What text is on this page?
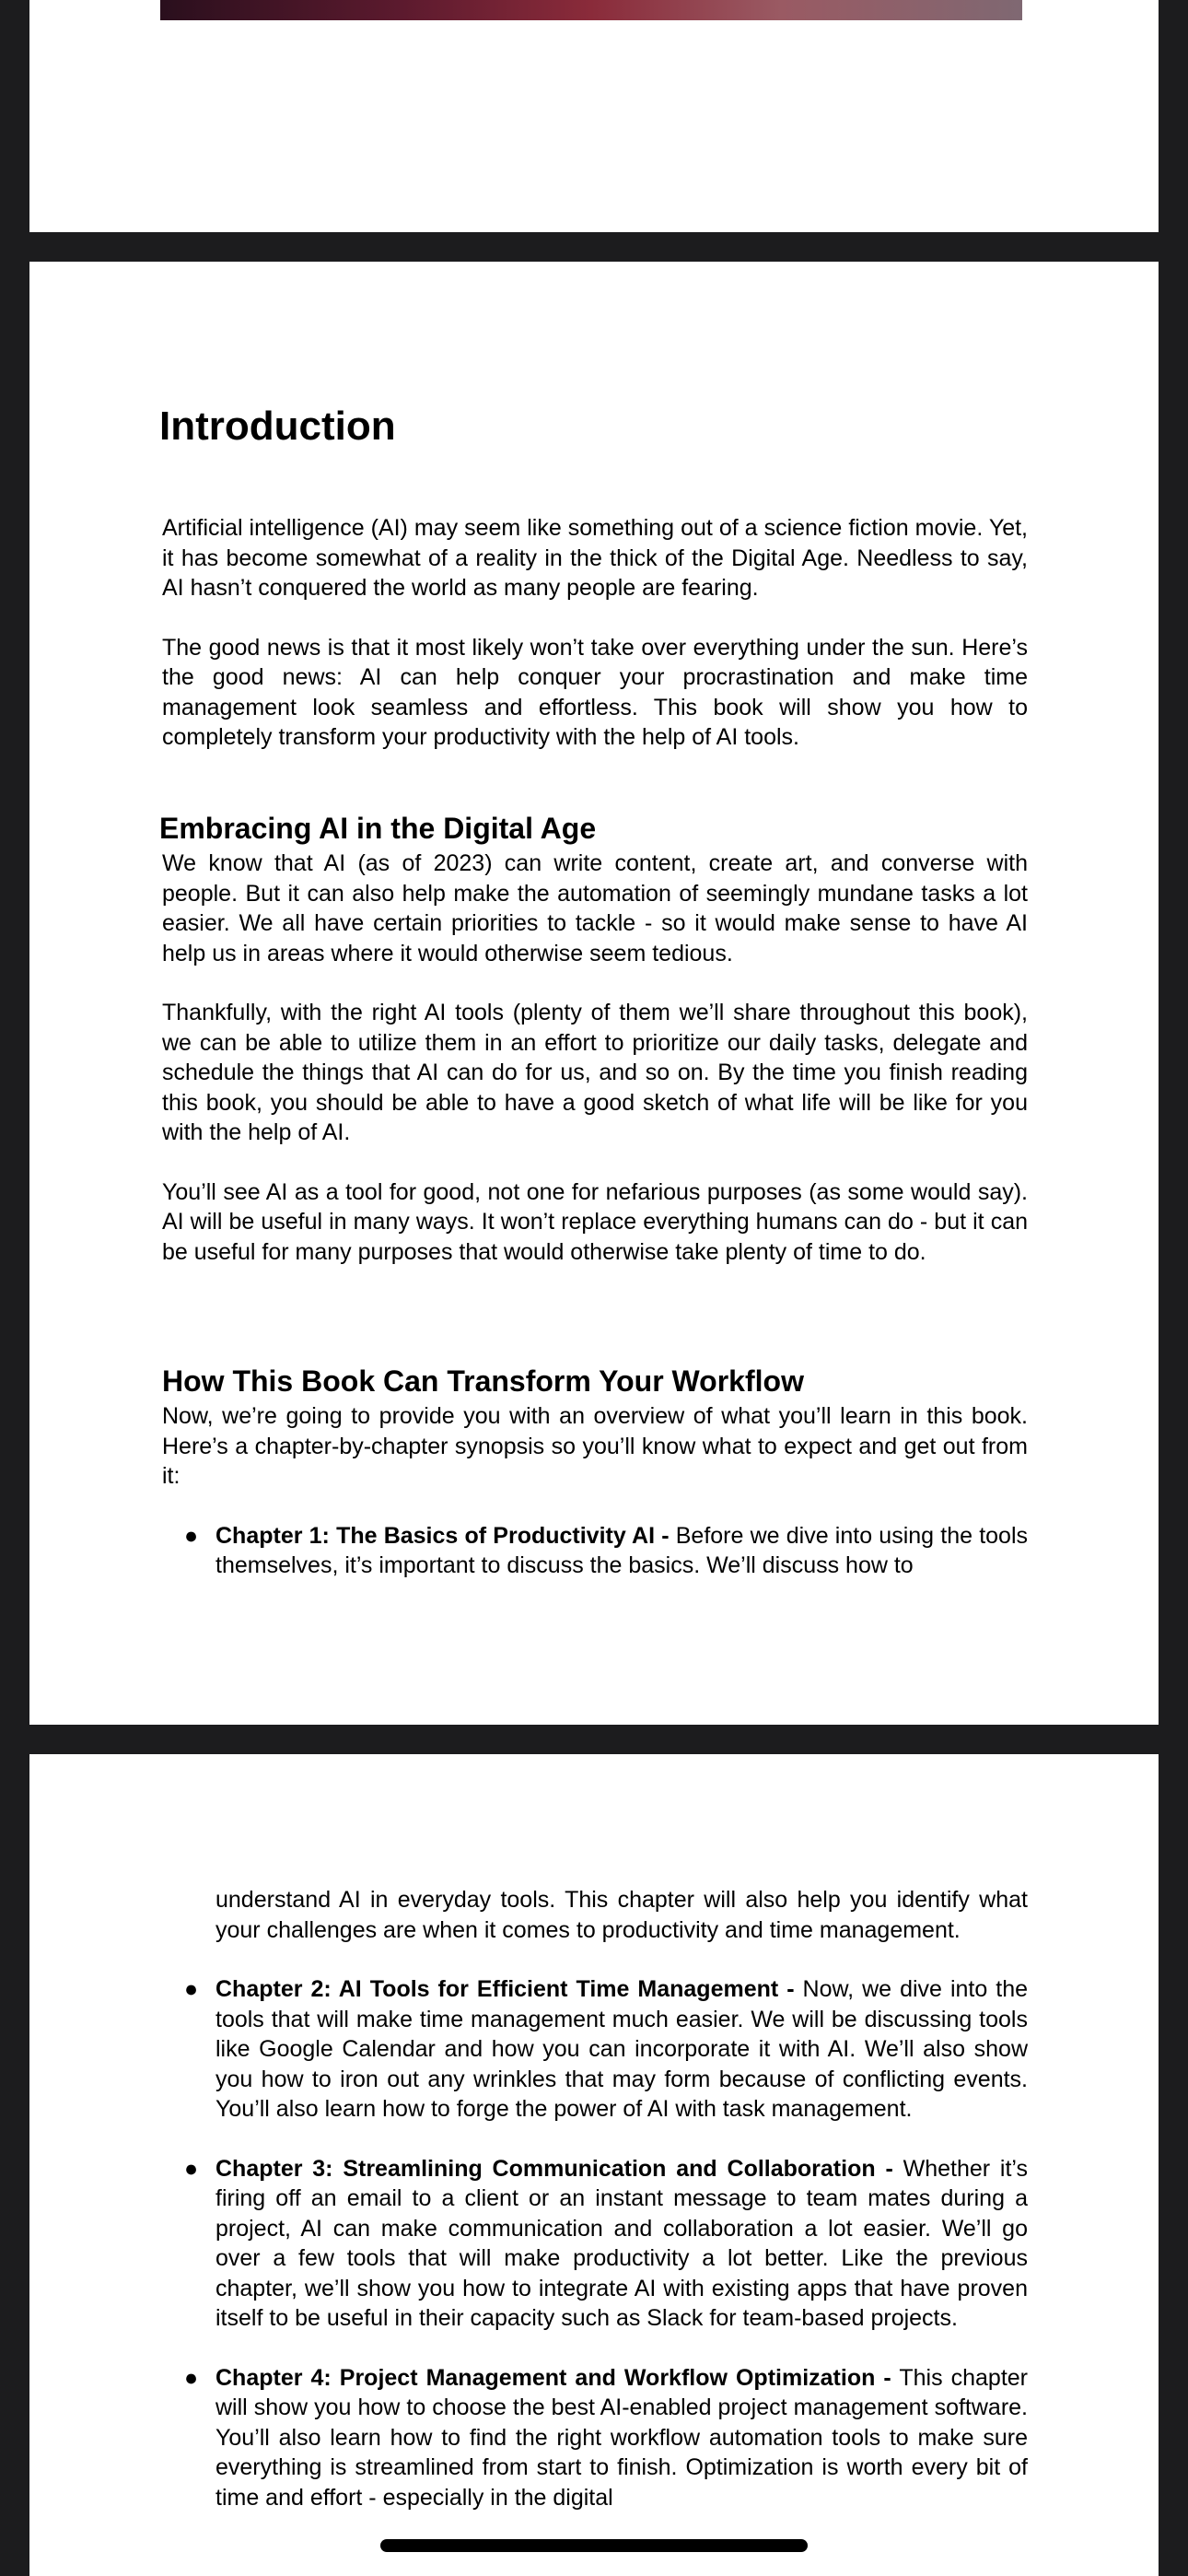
Introduction

Artificial intelligence (AI) may seem like something out of a science fiction movie. Yet, it has become somewhat of a reality in the thick of the Digital Age. Needless to say, AI hasn’t conquered the world as many people are fearing.

The good news is that it most likely won’t take over everything under the sun. Here’s the good news: AI can help conquer your procrastination and make time management look seamless and effortless. This book will show you how to completely transform your productivity with the help of AI tools.

Embracing AI in the Digital Age

We know that AI (as of 2023) can write content, create art, and converse with people. But it can also help make the automation of seemingly mundane tasks a lot easier. We all have certain priorities to tackle - so it would make sense to have AI help us in areas where it would otherwise seem tedious.

Thankfully, with the right AI tools (plenty of them we’ll share throughout this book), we can be able to utilize them in an effort to prioritize our daily tasks, delegate and schedule the things that AI can do for us, and so on. By the time you finish reading this book, you should be able to have a good sketch of what life will be like for you with the help of AI.

You’ll see AI as a tool for good, not one for nefarious purposes (as some would say). AI will be useful in many ways. It won’t replace everything humans can do - but it can be useful for many purposes that would otherwise take plenty of time to do.

How This Book Can Transform Your Workflow

Now, we’re going to provide you with an overview of what you’ll learn in this book. Here’s a chapter-by-chapter synopsis so you’ll know what to expect and get out from it:

● Chapter 1: The Basics of Productivity AI - Before we dive into using the tools themselves, it’s important to discuss the basics. We’ll discuss how to
understand AI in everyday tools. This chapter will also help you identify what your challenges are when it comes to productivity and time management.
● Chapter 2: AI Tools for Efficient Time Management - Now, we dive into the tools that will make time management much easier. We will be discussing tools like Google Calendar and how you can incorporate it with AI. We’ll also show you how to iron out any wrinkles that may form because of conflicting events. You’ll also learn how to forge the power of AI with task management.
● Chapter 3: Streamlining Communication and Collaboration - Whether it’s firing off an email to a client or an instant message to team mates during a project, AI can make communication and collaboration a lot easier. We’ll go over a few tools that will make productivity a lot better. Like the previous chapter, we’ll show you how to integrate AI with existing apps that have proven itself to be useful in their capacity such as Slack for team-based projects.
● Chapter 4: Project Management and Workflow Optimization - This chapter will show you how to choose the best AI-enabled project management software. You’ll also learn how to find the right workflow automation tools to make sure everything is streamlined from start to finish. Optimization is worth every bit of time and effort - especially in the digital
